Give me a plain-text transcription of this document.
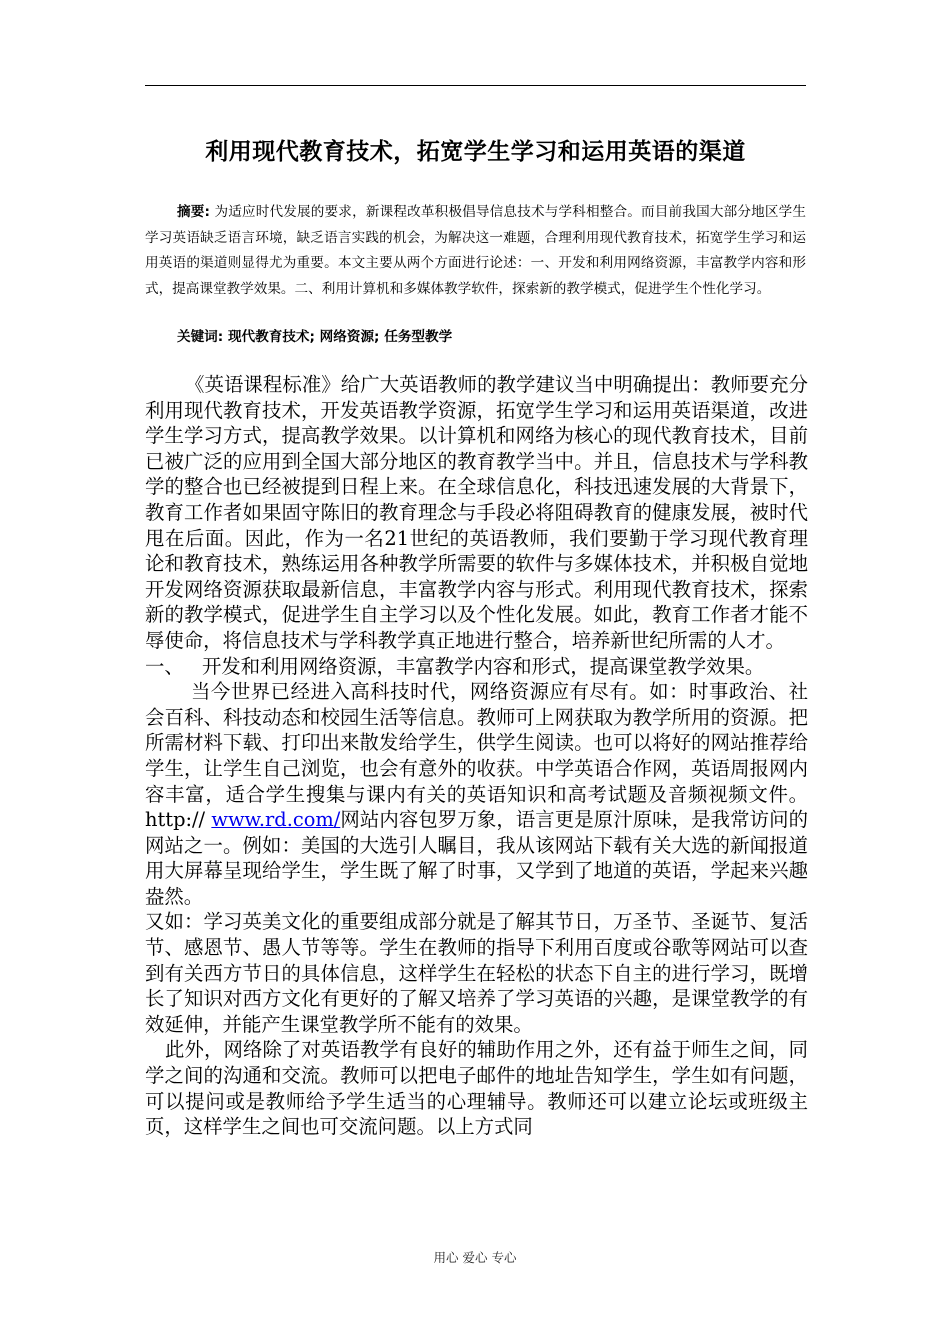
利用现代教育技术，拓宽学生学习和运用英语的渠道
摘要: 为适应时代发展的要求，新课程改革积极倡导信息技术与学科相整合。而目前我国大部分地区学生学习英语缺乏语言环境，缺乏语言实践的机会，为解决这一难题，合理利用现代教育技术，拓宽学生学习和运用英语的渠道则显得尤为重要。本文主要从两个方面进行论述：一、开发和利用网络资源，丰富教学内容和形式，提高课堂教学效果。二、利用计算机和多媒体教学软件，探索新的教学模式，促进学生个性化学习。
关键词: 现代教育技术; 网络资源; 任务型教学

《英语课程标准》给广大英语教师的教学建议当中明确提出：教师要充分利用现代教育技术，开发英语教学资源，拓宽学生学习和运用英语渠道，改进学生学习方式，提高教学效果。以计算机和网络为核心的现代教育技术，目前已被广泛的应用到全国大部分地区的教育教学当中。并且，信息技术与学科教学的整合也已经被提到日程上来。在全球信息化，科技迅速发展的大背景下，教育工作者如果固守陈旧的教育理念与手段必将阻碍教育的健康发展，被时代甩在后面。因此，作为一名21世纪的英语教师，我们要勤于学习现代教育理论和教育技术，熟练运用各种教学所需要的软件与多媒体技术，并积极自觉地开发网络资源获取最新信息，丰富教学内容与形式。利用现代教育技术，探索新的教学模式，促进学生自主学习以及个性化发展。如此，教育工作者才能不辱使命，将信息技术与学科教学真正地进行整合，培养新世纪所需的人才。

一、 开发和利用网络资源，丰富教学内容和形式，提高课堂教学效果。

当今世界已经进入高科技时代，网络资源应有尽有。如：时事政治、社会百科、科技动态和校园生活等信息。教师可上网获取为教学所用的资源。把所需材料下载、打印出来散发给学生，供学生阅读。也可以将好的网站推荐给学生，让学生自己浏览，也会有意外的收获。中学英语合作网，英语周报网内容丰富，适合学生搜集与课内有关的英语知识和高考试题及音频视频文件。http:// www.rd.com/网站内容包罗万象，语言更是原汁原味，是我常访问的网站之一。例如：美国的大选引人瞩目，我从该网站下载有关大选的新闻报道用大屏幕呈现给学生，学生既了解了时事，又学到了地道的英语，学起来兴趣盎然。

又如：学习英美文化的重要组成部分就是了解其节日，万圣节、圣诞节、复活节、感恩节、愚人节等等。学生在教师的指导下利用百度或谷歌等网站可以查到有关西方节日的具体信息，这样学生在轻松的状态下自主的进行学习，既增长了知识对西方文化有更好的了解又培养了学习英语的兴趣，是课堂教学的有效延伸，并能产生课堂教学所不能有的效果。

此外，网络除了对英语教学有良好的辅助作用之外，还有益于师生之间，同学之间的沟通和交流。教师可以把电子邮件的地址告知学生，学生如有问题，可以提问或是教师给予学生适当的心理辅导。教师还可以建立论坛或班级主页，这样学生之间也可交流问题。以上方式同

用心 爱心 专心
